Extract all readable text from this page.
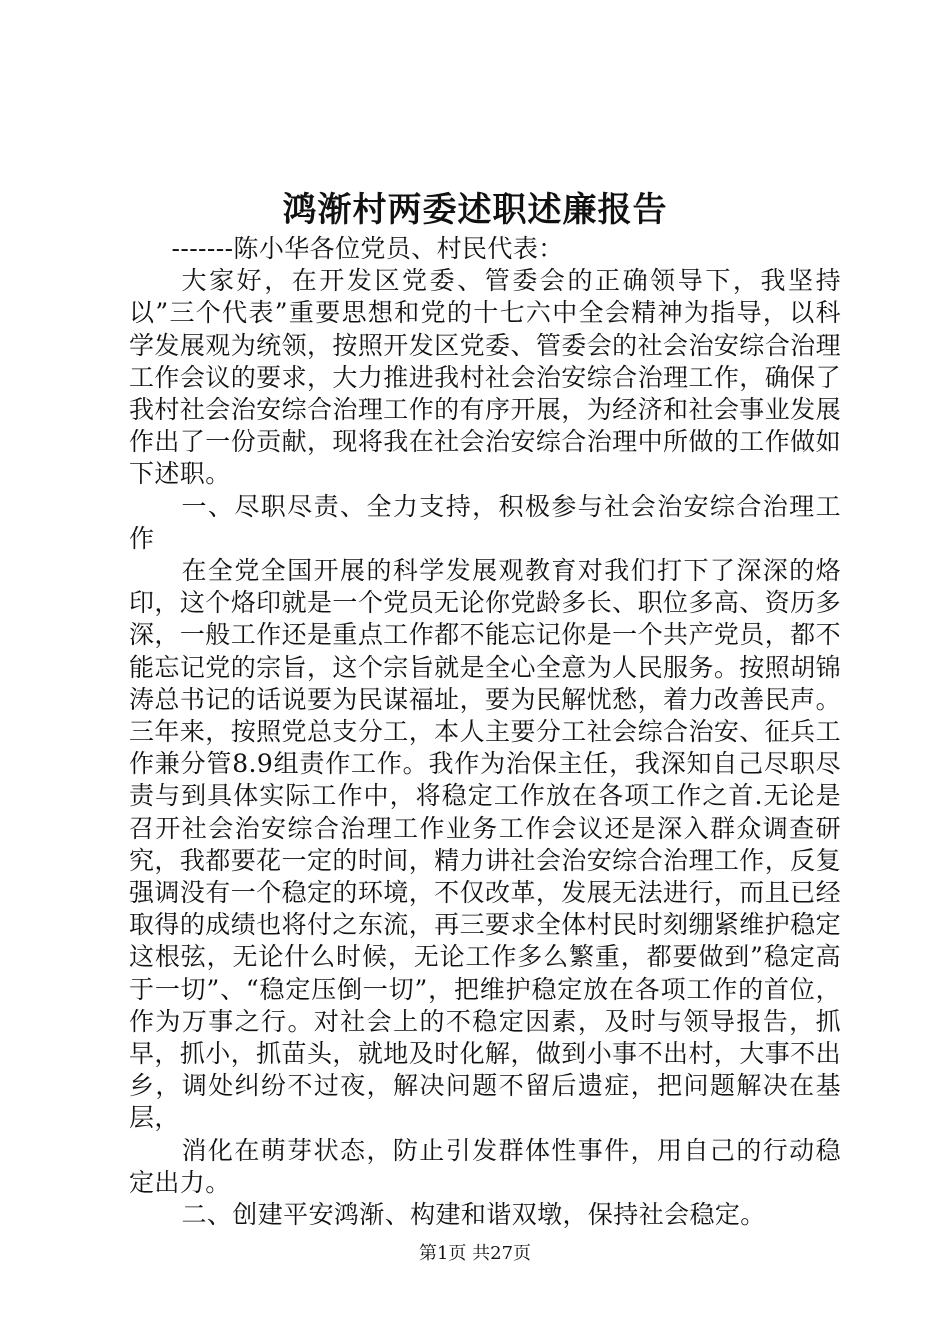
鸿渐村两委述职述廉报告

-------陈小华各位党员、村民代表：

大家好，在开发区党委、管委会的正确领导下，我坚持以”三个代表”重要思想和党的十七六中全会精神为指导，以科学发展观为统领，按照开发区党委、管委会的社会治安综合治理工作会议的要求，大力推进我村社会治安综合治理工作，确保了我村社会治安综合治理工作的有序开展，为经济和社会事业发展作出了一份贡献，现将我在社会治安综合治理中所做的工作做如下述职。

一、尽职尽责、全力支持，积极参与社会治安综合治理工作

在全党全国开展的科学发展观教育对我们打下了深深的烙印，这个烙印就是一个党员无论你党龄多长、职位多高、资历多深，一般工作还是重点工作都不能忘记你是一个共产党员，都不能忘记党的宗旨，这个宗旨就是全心全意为人民服务。按照胡锦涛总书记的话说要为民谋福址，要为民解忧愁，着力改善民声。三年来，按照党总支分工，本人主要分工社会综合治安、征兵工作兼分管8.9组责作工作。我作为治保主任，我深知自己尽职尽责与到具体实际工作中，将稳定工作放在各项工作之首.无论是召开社会治安综合治理工作业务工作会议还是深入群众调查研究，我都要花一定的时间，精力讲社会治安综合治理工作，反复强调没有一个稳定的环境，不仅改革，发展无法进行，而且已经取得的成绩也将付之东流，再三要求全体村民时刻绷紧维护稳定这根弦，无论什么时候，无论工作多么繁重，都要做到”稳定高于一切”、“稳定压倒一切”，把维护稳定放在各项工作的首位，作为万事之行。对社会上的不稳定因素，及时与领导报告，抓早，抓小，抓苗头，就地及时化解，做到小事不出村，大事不出乡，调处纠纷不过夜，解决问题不留后遗症，把问题解决在基层，

消化在萌芽状态，防止引发群体性事件，用自己的行动稳定出力。

二、创建平安鸿渐、构建和谐双墩，保持社会稳定。

第1页 共27页
